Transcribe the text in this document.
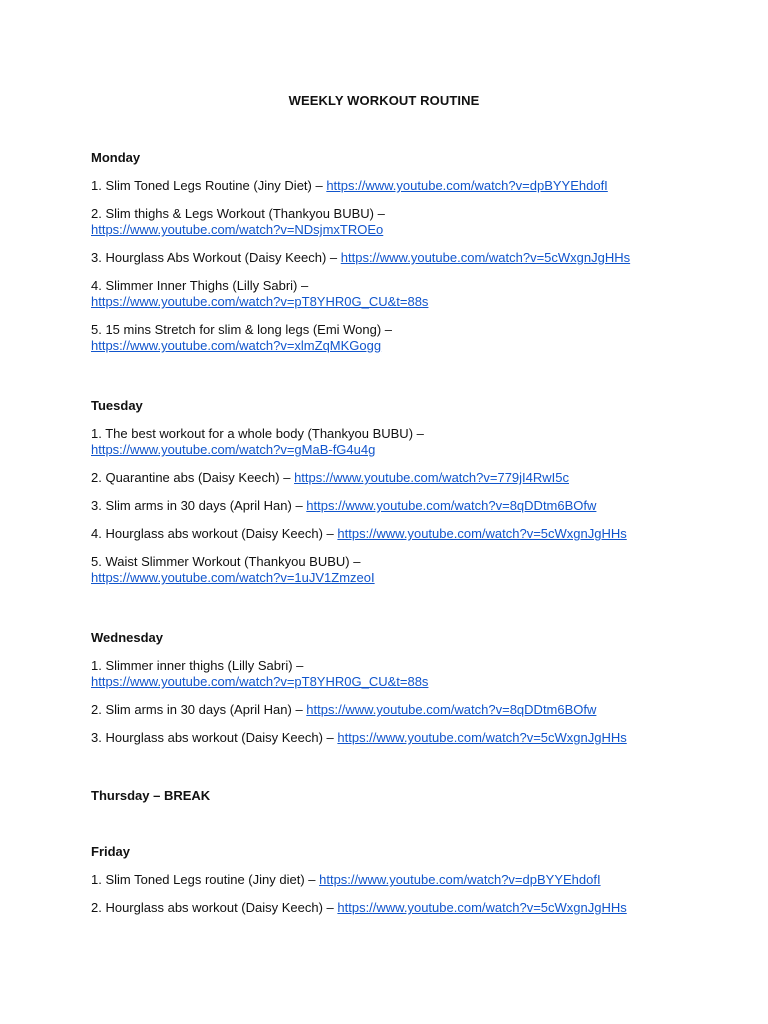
WEEKLY WORKOUT ROUTINE
Monday
1. Slim Toned Legs Routine (Jiny Diet) – https://www.youtube.com/watch?v=dpBYYEhdofI
2. Slim thighs & Legs Workout (Thankyou BUBU) –
https://www.youtube.com/watch?v=NDsjmxTROEo
3. Hourglass Abs Workout (Daisy Keech) – https://www.youtube.com/watch?v=5cWxgnJgHHs
4. Slimmer Inner Thighs (Lilly Sabri) –
https://www.youtube.com/watch?v=pT8YHR0G_CU&t=88s
5. 15 mins Stretch for slim & long legs (Emi Wong) –
https://www.youtube.com/watch?v=xlmZqMKGogg
Tuesday
1. The best workout for a whole body (Thankyou BUBU) –
https://www.youtube.com/watch?v=gMaB-fG4u4g
2. Quarantine abs (Daisy Keech) – https://www.youtube.com/watch?v=779jI4RwI5c
3. Slim arms in 30 days (April Han) – https://www.youtube.com/watch?v=8qDDtm6BOfw
4. Hourglass abs workout (Daisy Keech) – https://www.youtube.com/watch?v=5cWxgnJgHHs
5. Waist Slimmer Workout (Thankyou BUBU) –
https://www.youtube.com/watch?v=1uJV1ZmzeoI
Wednesday
1. Slimmer inner thighs (Lilly Sabri) –
https://www.youtube.com/watch?v=pT8YHR0G_CU&t=88s
2. Slim arms in 30 days (April Han) – https://www.youtube.com/watch?v=8qDDtm6BOfw
3. Hourglass abs workout (Daisy Keech) – https://www.youtube.com/watch?v=5cWxgnJgHHs
Thursday – BREAK
Friday
1. Slim Toned Legs routine (Jiny diet) – https://www.youtube.com/watch?v=dpBYYEhdofI
2. Hourglass abs workout (Daisy Keech) – https://www.youtube.com/watch?v=5cWxgnJgHHs
